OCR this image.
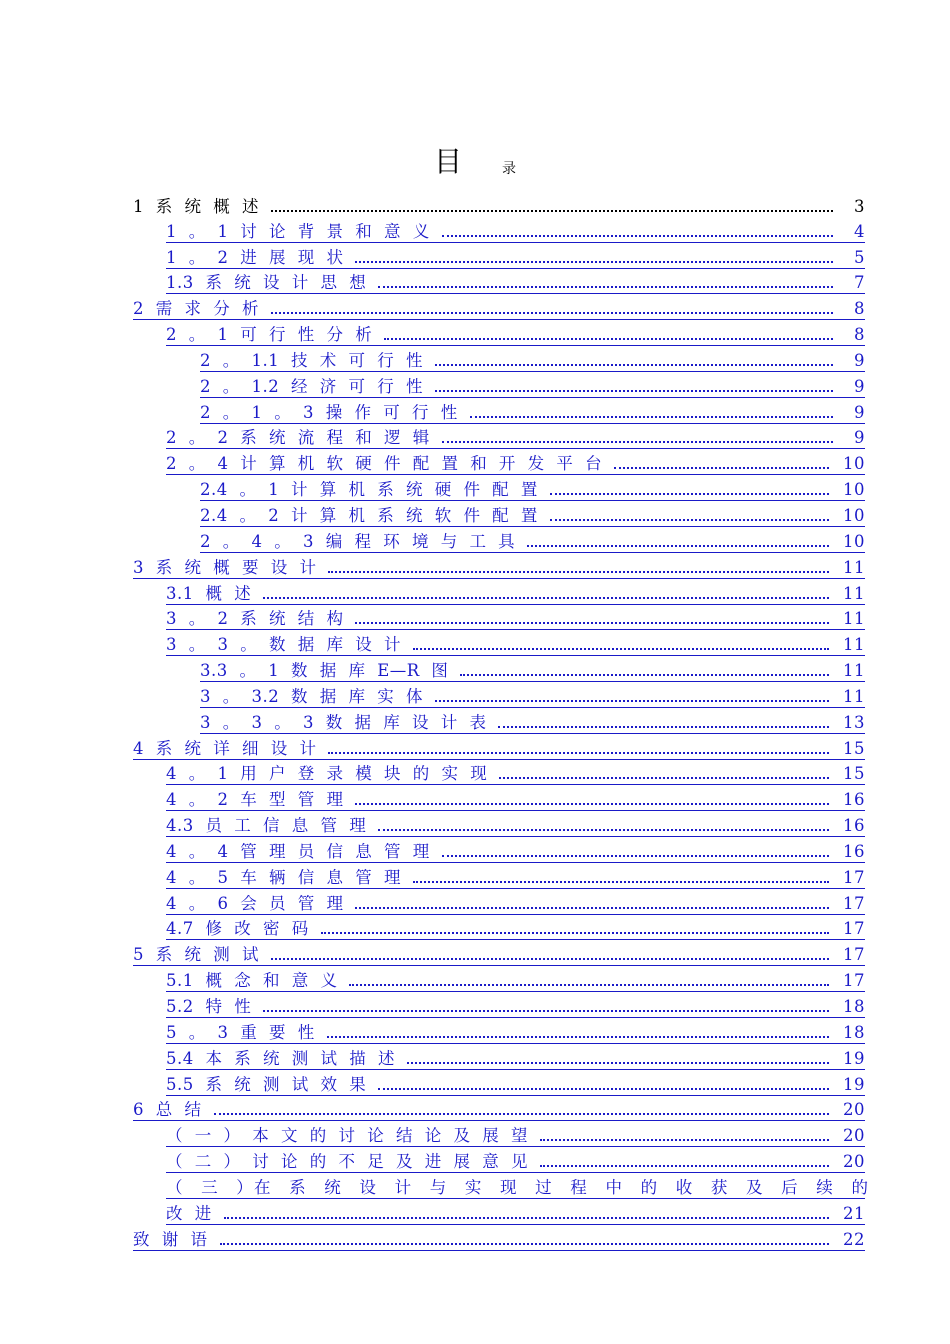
目	录
1 系 统 概 述	3
1 。 1 讨 论 背 景 和 意 义	4
1 。 2 进 展 现 状	5
1.3 系 统 设 计 思 想	7
2 需 求 分 析	8
2 。 1 可 行 性 分 析	8
2 。 1.1 技 术 可 行 性	9
2 。 1.2 经 济 可 行 性	9
2 。 1 。 3 操 作 可 行 性	9
2 。 2 系 统 流 程 和 逻 辑	9
2 。 4 计 算 机 软 硬 件 配 置 和 开 发 平 台	10
2.4 。 1 计 算 机 系 统 硬 件 配 置	10
2.4 。 2 计 算 机 系 统 软 件 配 置	10
2 。 4 。 3 编 程 环 境 与 工 具	10
3 系 统 概 要 设 计	11
3.1 概 述	11
3 。 2 系 统 结 构	11
3 。 3 。 数 据 库 设 计	11
3.3 。 1 数 据 库 E—R 图	11
3 。 3.2 数 据 库 实 体	11
3 。 3 。 3 数 据 库 设 计 表	13
4 系 统 详 细 设 计	15
4 。 1 用 户 登 录 模 块 的 实 现	15
4 。 2 车 型 管 理	16
4.3 员 工 信 息 管 理	16
4 。 4 管 理 员 信 息 管 理	16
4 。 5 车 辆 信 息 管 理	17
4 。 6 会 员 管 理	17
4.7 修 改 密 码	17
5 系 统 测 试	17
5.1 概 念 和 意 义	17
5.2 特 性	18
5 。 3 重 要 性	18
5.4 本 系 统 测 试 描 述	19
5.5 系 统 测 试 效 果	19
6 总 结	20
（ 一 ） 本 文 的 讨 论 结 论 及 展 望	20
（ 二 ） 讨 论 的 不 足 及 进 展 意 见	20
（ 三 ）在 系 统 设 计 与 实 现 过 程 中 的 收 获 及 后 续 的
改 进	21
致 谢 语	22
